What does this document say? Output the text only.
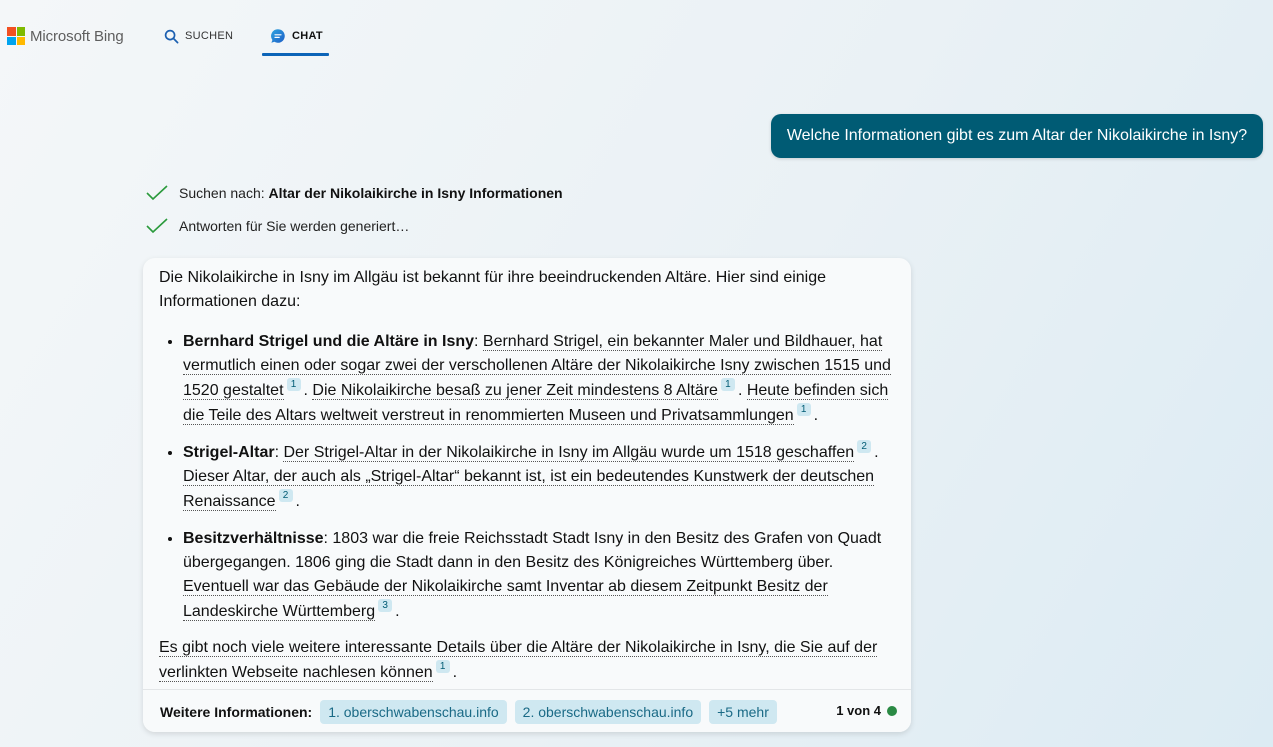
Microsoft Bing	SUCHEN	CHAT
Welche Informationen gibt es zum Altar der Nikolaikirche in Isny?
Suchen nach:
Altar der Nikolaikirche in Isny Informationen
Antworten für Sie werden generiert…

Die Nikolaikirche in Isny im Allgäu ist bekannt für ihre beeindruckenden Altäre. Hier sind einige Informationen dazu:

• Bernhard Strigel und die Altäre in Isny: Bernhard Strigel, ein bekannter Maler und Bildhauer, hat vermutlich einen oder sogar zwei der verschollenen Altäre der Nikolaikirche Isny zwischen 1515 und 1520 gestaltet 1 . Die Nikolaikirche besaß zu jener Zeit mindestens 8 Altäre 1 . Heute befinden sich die Teile des Altars weltweit verstreut in renommierten Museen und Privatsammlungen 1 .
• Strigel-Altar: Der Strigel-Altar in der Nikolaikirche in Isny im Allgäu wurde um 1518 geschaffen 2 . Dieser Altar, der auch als „Strigel-Altar“ bekannt ist, ist ein bedeutendes Kunstwerk der deutschen Renaissance 2 .
• Besitzverhältnisse: 1803 war die freie Reichsstadt Stadt Isny in den Besitz des Grafen von Quadt übergegangen. 1806 ging die Stadt dann in den Besitz des Königreiches Württemberg über. Eventuell war das Gebäude der Nikolaikirche samt Inventar ab diesem Zeitpunkt Besitz der Landeskirche Württemberg 3 .

Es gibt noch viele weitere interessante Details über die Altäre der Nikolaikirche in Isny, die Sie auf der verlinkten Webseite nachlesen können 1 .

Weitere Informationen:	1. oberschwabenschau.info	2. oberschwabenschau.info	+5 mehr	1 von 4
